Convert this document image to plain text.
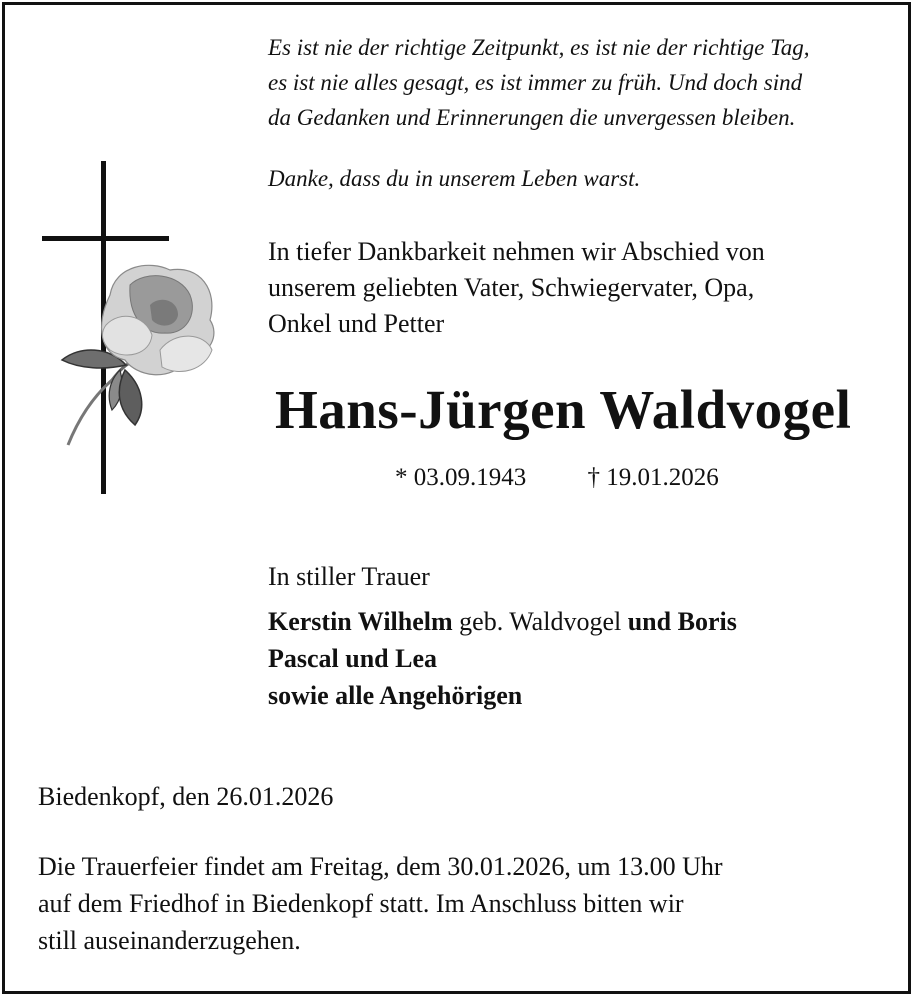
Es ist nie der richtige Zeitpunkt, es ist nie der richtige Tag,
es ist nie alles gesagt, es ist immer zu früh. Und doch sind
da Gedanken und Erinnerungen die unvergessen bleiben.
Danke, dass du in unserem Leben warst.
In tiefer Dankbarkeit nehmen wir Abschied von
unserem geliebten Vater, Schwiegervater, Opa,
Onkel und Petter
Hans-Jürgen Waldvogel
* 03.09.1943 † 19.01.2026
In stiller Trauer
Kerstin Wilhelm geb. Waldvogel und Boris
Pascal und Lea
sowie alle Angehörigen
Biedenkopf, den 26.01.2026
Die Trauerfeier findet am Freitag, dem 30.01.2026, um 13.00 Uhr
auf dem Friedhof in Biedenkopf statt. Im Anschluss bitten wir
still auseinanderzugehen.
